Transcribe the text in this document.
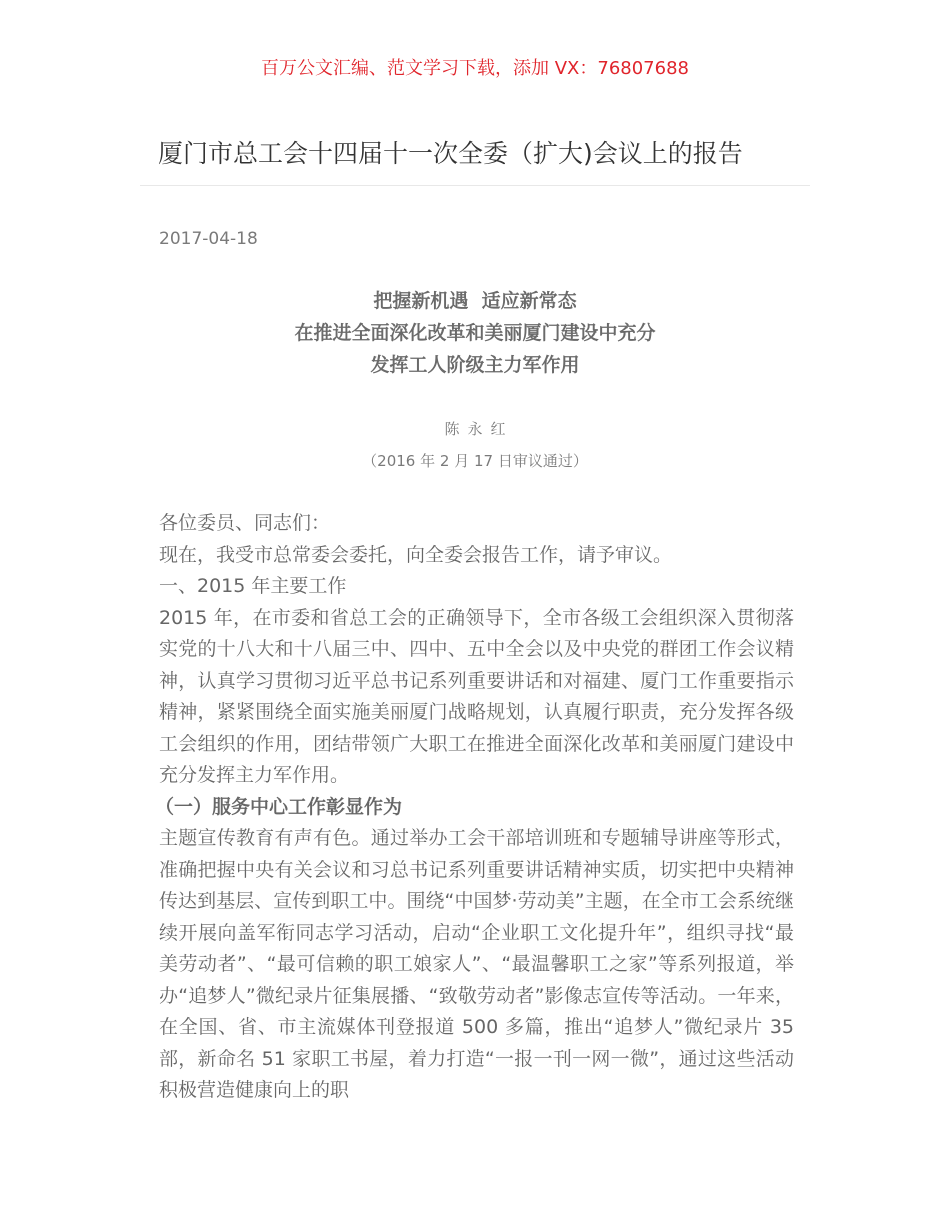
百万公文汇编、范文学习下载，添加 VX：76807688
厦门市总工会十四届十一次全委（扩大)会议上的报告
2017-04-18
把握新机遇  适应新常态
在推进全面深化改革和美丽厦门建设中充分
发挥工人阶级主力军作用
陈永红
（2016 年 2 月 17 日审议通过）

各位委员、同志们：

现在，我受市总常委会委托，向全委会报告工作，请予审议。

一、2015 年主要工作

2015 年，在市委和省总工会的正确领导下，全市各级工会组织深入贯彻落实党的十八大和十八届三中、四中、五中全会以及中央党的群团工作会议精神，认真学习贯彻习近平总书记系列重要讲话和对福建、厦门工作重要指示精神，紧紧围绕全面实施美丽厦门战略规划，认真履行职责，充分发挥各级工会组织的作用，团结带领广大职工在推进全面深化改革和美丽厦门建设中充分发挥主力军作用。

（一）服务中心工作彰显作为

主题宣传教育有声有色。通过举办工会干部培训班和专题辅导讲座等形式，准确把握中央有关会议和习总书记系列重要讲话精神实质，切实把中央精神传达到基层、宣传到职工中。围绕“中国梦·劳动美”主题，在全市工会系统继续开展向盖军衔同志学习活动，启动“企业职工文化提升年”，组织寻找“最美劳动者”、“最可信赖的职工娘家人”、“最温馨职工之家”等系列报道，举办“追梦人”微纪录片征集展播、“致敬劳动者”影像志宣传等活动。一年来，在全国、省、市主流媒体刊登报道 500 多篇，推出“追梦人”微纪录片 35 部，新命名 51 家职工书屋，着力打造“一报一刊一网一微”，通过这些活动积极营造健康向上的职
